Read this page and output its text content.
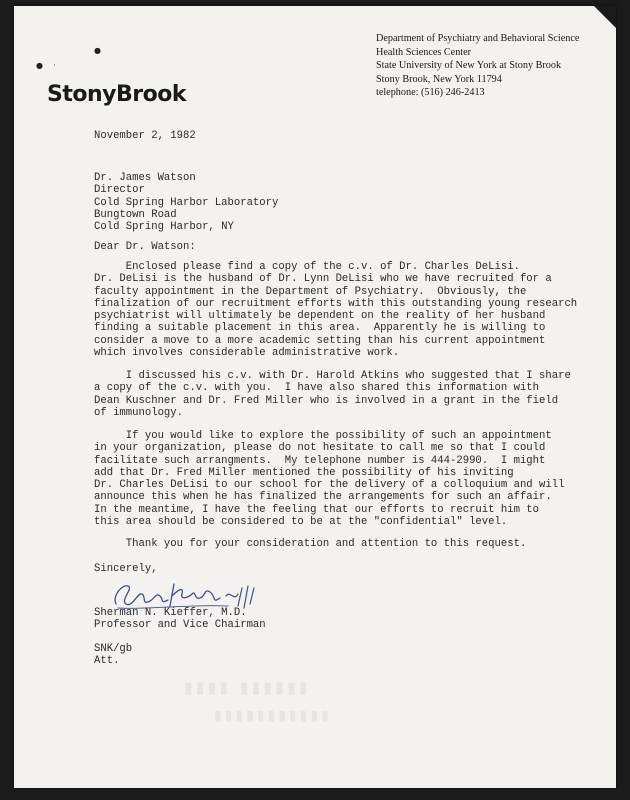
●
●    ·
StonyBrook
Department of Psychiatry and Behavioral Science
Health Sciences Center
State University of New York at Stony Brook
Stony Brook, New York 11794
telephone: (516) 246-2413
November 2, 1982
Dr. James Watson
Director
Cold Spring Harbor Laboratory
Bungtown Road
Cold Spring Harbor, NY
Dear Dr. Watson:
Enclosed please find a copy of the c.v. of Dr. Charles DeLisi.
Dr. DeLisi is the husband of Dr. Lynn DeLisi who we have recruited for a
faculty appointment in the Department of Psychiatry.  Obviously, the
finalization of our recruitment efforts with this outstanding young research
psychiatrist will ultimately be dependent on the reality of her husband
finding a suitable placement in this area.  Apparently he is willing to
consider a move to a more academic setting than his current appointment
which involves considerable administrative work.
I discussed his c.v. with Dr. Harold Atkins who suggested that I share
a copy of the c.v. with you.  I have also shared this information with
Dean Kuschner and Dr. Fred Miller who is involved in a grant in the field
of immunology.
If you would like to explore the possibility of such an appointment
in your organization, please do not hesitate to call me so that I could
facilitate such arrangments.  My telephone number is 444-2990.  I might
add that Dr. Fred Miller mentioned the possibility of his inviting
Dr. Charles DeLisi to our school for the delivery of a colloquium and will
announce this when he has finalized the arrangements for such an affair.
In the meantime, I have the feeling that our efforts to recruit him to
this area should be considered to be at the "confidential" level.
Thank you for your consideration and attention to this request.
Sincerely,
Sherman N. Kieffer, M.D.
Professor and Vice Chairman
SNK/gb
Att.
▮▮▮▮ ▮▮▮▮▮▮
▮▮▮▮▮▮▮▮▮▮▮
